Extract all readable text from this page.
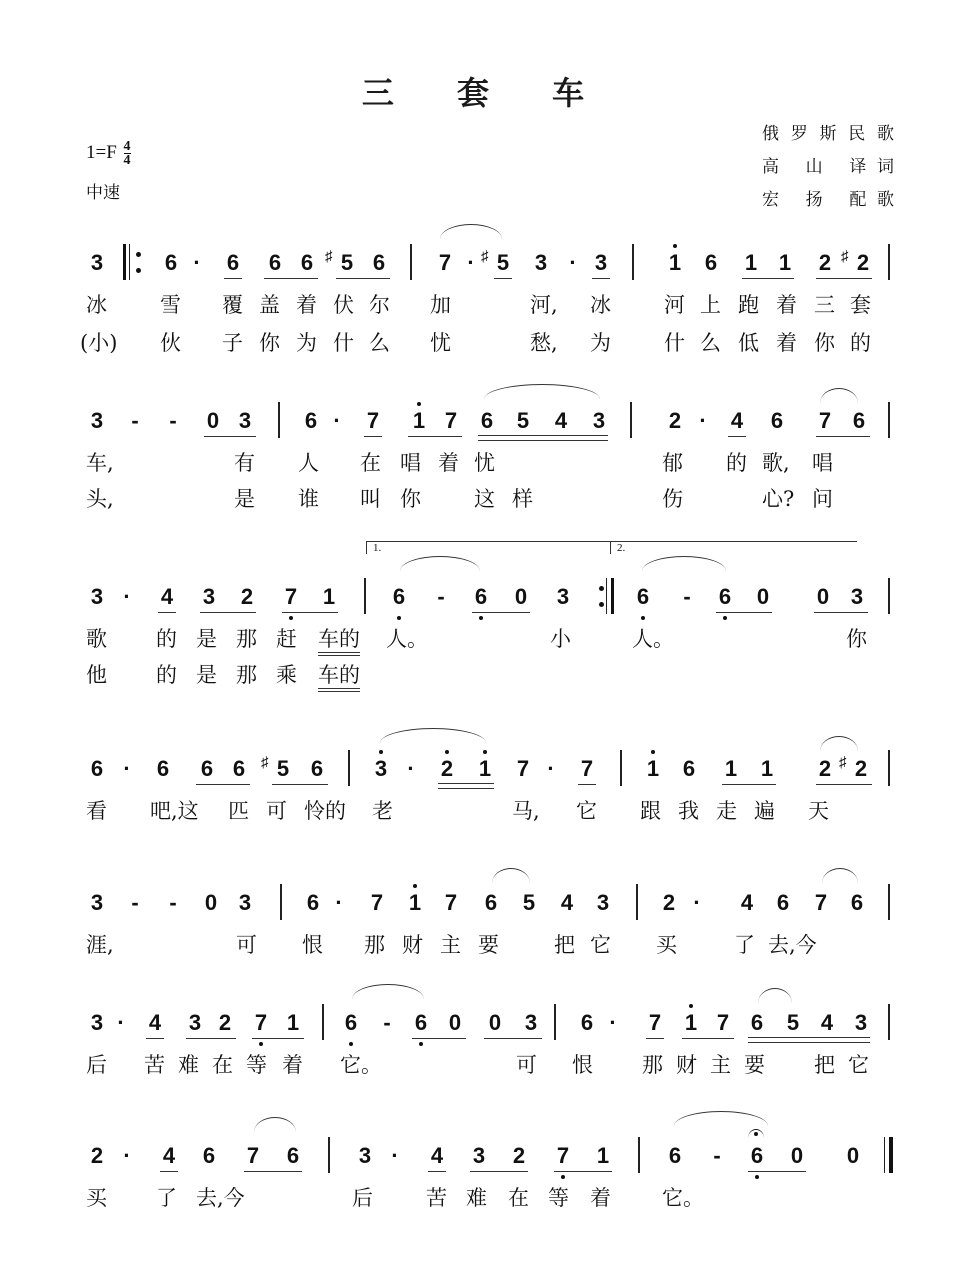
三 套 车
$1=F \frac{4}{4}$
中速
俄罗斯民歌
高 山 译词
宏 扬 配歌
3	6 ·	6 6 6 ♯ 5 6 7 · ♯ 5 3	· 3	1 6 1 1 2 ♯ 2
冰	雪 覆 盖 着 伏 尔 加	河, 冰	河 上 跑 着 三 套
(小) 伙 子 你 为 什 么 忧	愁, 为	什 么 低 着 你 的
3	-	-	0 3 6 ·	7 1 7 6 5 4 3	2 ·	4 6 7 6
车,	有 人 在 唱 着 忧	郁 的 歌, 唱
头,	是 谁 叫 你	这 样	伤	心? 问
1.	2.
3 ·	4 3 2 7 1	6	-	6 0 3	6	-	6 0 0 3
歌 的 是 那 赶 车的 人。	小	人。	你
他 的 是 那 乘 车的
6 ·	6 6 6	♯ 5 6 3 ·	2 1 7 ·	7 1 6 1 1 2 ♯ 2
看 吧,这 匹 可 怜的 老	马, 它 跟 我 走 遍 天
3	-	-	0 3	6 ·	7 1 7 6 5 4 3 2 ·	4 6 7 6
涯,	可 恨 那 财 主 要	把 它 买	了 去,今
3 ·	4 3 2 7 1 6	-	6 0 0 3 6 ·	7 1 7 6 5 4 3
后 苦 难 在 等 着 它。	可 恨 那 财 主 要 把 它
2 ·	4 6 7 6	3 ·	4 3 2 7 1	6	-	6 0 0
买 了 去,今	后	苦 难 在 等 着 它。
